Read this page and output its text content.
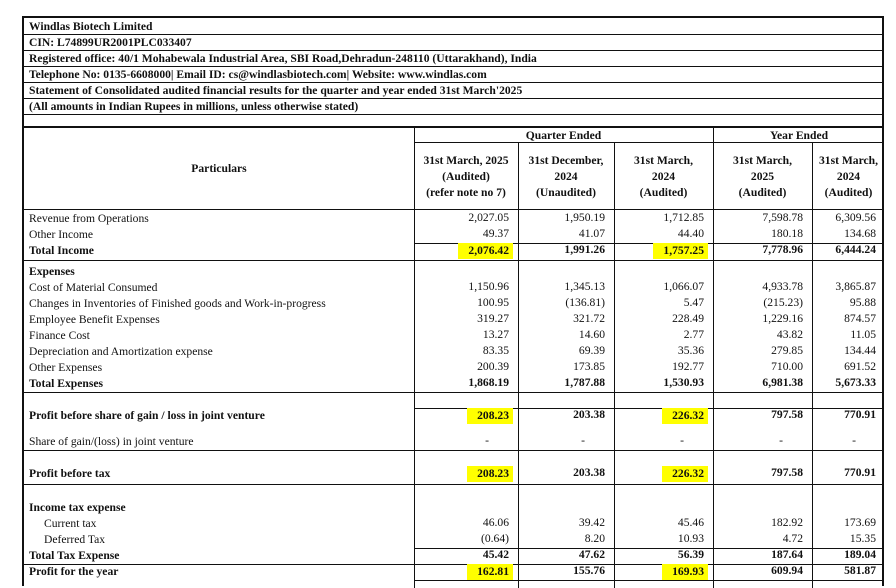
Windlas Biotech Limited
CIN: L74899UR2001PLC033407
Registered office: 40/1 Mohabewala Industrial Area, SBI Road,Dehradun-248110 (Uttarakhand), India
Telephone No: 0135-6608000| Email ID: cs@windlasbiotech.com| Website: www.windlas.com
Statement of Consolidated audited financial results for the quarter and year ended 31st March'2025
(All amounts in Indian Rupees in millions, unless otherwise stated)
Particulars
Quarter Ended	Year Ended
31st March, 2025
(Audited)
(refer note no 7)
31st December,
2024
(Unaudited)
31st March,
2024
(Audited)
31st March,
2025
(Audited)
31st March,
2024
(Audited)
Revenue from Operations	2,027.05	1,950.19	1,712.85	7,598.78	6,309.56
Other Income	49.37	41.07	44.40	180.18	134.68
Total Income	2,076.42	1,991.26	1,757.25	7,778.96	6,444.24
Expenses
Cost of Material Consumed	1,150.96	1,345.13	1,066.07	4,933.78	3,865.87
Changes in Inventories of Finished goods and Work-in-progress	100.95	(136.81)	5.47	(215.23)	95.88
Employee Benefit Expenses	319.27	321.72	228.49	1,229.16	874.57
Finance Cost	13.27	14.60	2.77	43.82	11.05
Depreciation and Amortization expense	83.35	69.39	35.36	279.85	134.44
Other Expenses	200.39	173.85	192.77	710.00	691.52
Total Expenses	1,868.19	1,787.88	1,530.93	6,981.38	5,673.33
Profit before share of gain / loss in joint venture	208.23	203.38	226.32	797.58	770.91
Share of gain/(loss) in joint venture	-	-	-	-	-
Profit before tax	208.23	203.38	226.32	797.58	770.91
Income tax expense
Current tax	46.06	39.42	45.46	182.92	173.69
Deferred Tax	(0.64)	8.20	10.93	4.72	15.35
Total Tax Expense	45.42	47.62	56.39	187.64	189.04
Profit for the year	162.81	155.76	169.93	609.94	581.87
